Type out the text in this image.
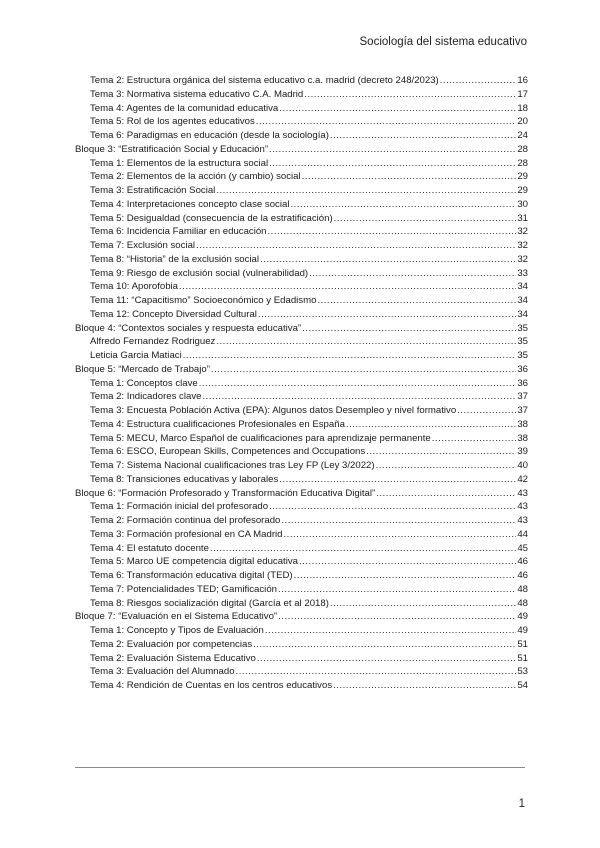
Sociología del sistema educativo
Tema 2: Estructura orgánica del sistema educativo c.a. madrid (decreto 248/2023) .....	16
Tema 3: Normativa sistema educativo C.A. Madrid .....	17
Tema 4: Agentes de la comunidad educativa .....	18
Tema 5: Rol de los agentes educativos .....	20
Tema 6: Paradigmas en educación (desde la sociología) .....	24
Bloque 3: “Estratificación Social y Educación” .....	28
Tema 1: Elementos de la estructura social .....	28
Tema 2: Elementos de la acción (y cambio) social .....	29
Tema 3: Estratificación Social .....	29
Tema 4: Interpretaciones concepto clase social .....	30
Tema 5: Desigualdad (consecuencia de la estratificación) .....	31
Tema 6: Incidencia Familiar en educación .....	32
Tema 7: Exclusión social .....	32
Tema 8: “Historia” de la exclusión social .....	32
Tema 9: Riesgo de exclusión social (vulnerabilidad) .....	33
Tema 10: Aporofobia .....	34
Tema 11: “Capacitismo” Socioeconómico y Edadismo .....	34
Tema 12: Concepto Diversidad Cultural .....	34
Bloque 4: “Contextos sociales y respuesta educativa” .....	35
Alfredo Fernandez Rodriguez .....	35
Leticia Garcia Matiaci .....	35
Bloque 5: “Mercado de Trabajo” .....	36
Tema 1: Conceptos clave .....	36
Tema 2: Indicadores clave .....	37
Tema 3: Encuesta Población Activa (EPA): Algunos datos Desempleo y nivel formativo .....	37
Tema 4: Estructura cualificaciones Profesionales en España .....	38
Tema 5: MECU, Marco Español de cualificaciones para aprendizaje permanente .....	38
Tema 6: ESCO, European Skills, Competences and Occupations .....	39
Tema 7: Sistema Nacional cualificaciones tras Ley FP (Ley 3/2022) .....	40
Tema 8: Transiciones educativas y laborales .....	42
Bloque 6: “Formación Profesorado y Transformación Educativa Digital” .....	43
Tema 1: Formación inicial del profesorado .....	43
Tema 2: Formación continua del profesorado .....	43
Tema 3: Formación profesional en CA Madrid .....	44
Tema 4: El estatuto docente .....	45
Tema 5: Marco UE competencia digital educativa .....	46
Tema 6: Transformación educativa digital (TED) .....	46
Tema 7: Potencialidades TED; Gamificación .....	48
Tema 8: Riesgos socialización digital (García et al 2018) .....	48
Bloque 7: “Evaluación en el Sistema Educativo” .....	49
Tema 1: Concepto y Tipos de Evaluación .....	49
Tema 2: Evaluación por competencias .....	51
Tema 2: Evaluación Sistema Educativo .....	51
Tema 3: Evaluación del Alumnado .....	53
Tema 4: Rendición de Cuentas en los centros educativos .....	54
1
